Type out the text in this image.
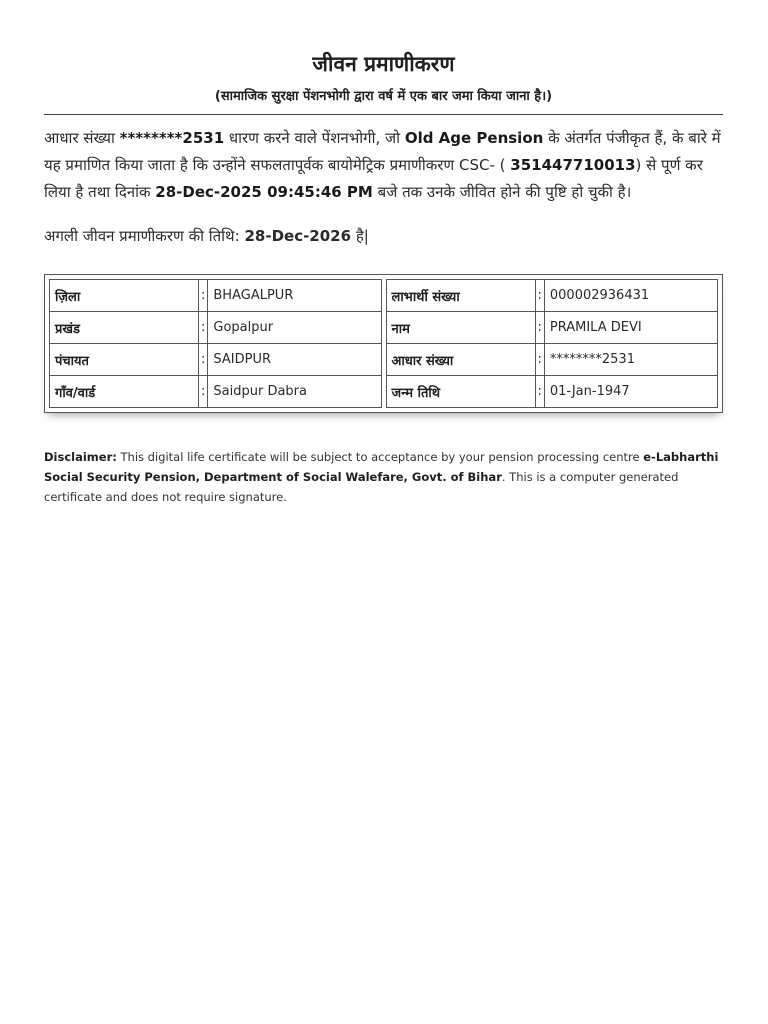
जीवन प्रमाणीकरण
(सामाजिक सुरक्षा पेंशनभोगी द्वारा वर्ष में एक बार जमा किया जाना है।)

आधार संख्या ********2531 धारण करने वाले पेंशनभोगी, जो Old Age Pension के अंतर्गत पंजीकृत हैं, के बारे में यह प्रमाणित किया जाता है कि उन्होंने सफलतापूर्वक बायोमेट्रिक प्रमाणीकरण CSC- ( 351447710013) से पूर्ण कर लिया है तथा दिनांक 28-Dec-2025 09:45:46 PM बजे तक उनके जीवित होने की पुष्टि हो चुकी है।

अगली जीवन प्रमाणीकरण की तिथि: 28-Dec-2026 है|

ज़िला	:	BHAGALPUR
प्रखंड	:	Gopalpur
पंचायत	:	SAIDPUR
गाँव/वार्ड	:	Saidpur Dabra
लाभार्थी संख्या	:	000002936431
नाम	:	PRAMILA DEVI
आधार संख्या	:	********2531
जन्म तिथि	:	01-Jan-1947

Disclaimer: This digital life certificate will be subject to acceptance by your pension processing centre e-Labharthi Social Security Pension, Department of Social Walefare, Govt. of Bihar. This is a computer generated certificate and does not require signature.
